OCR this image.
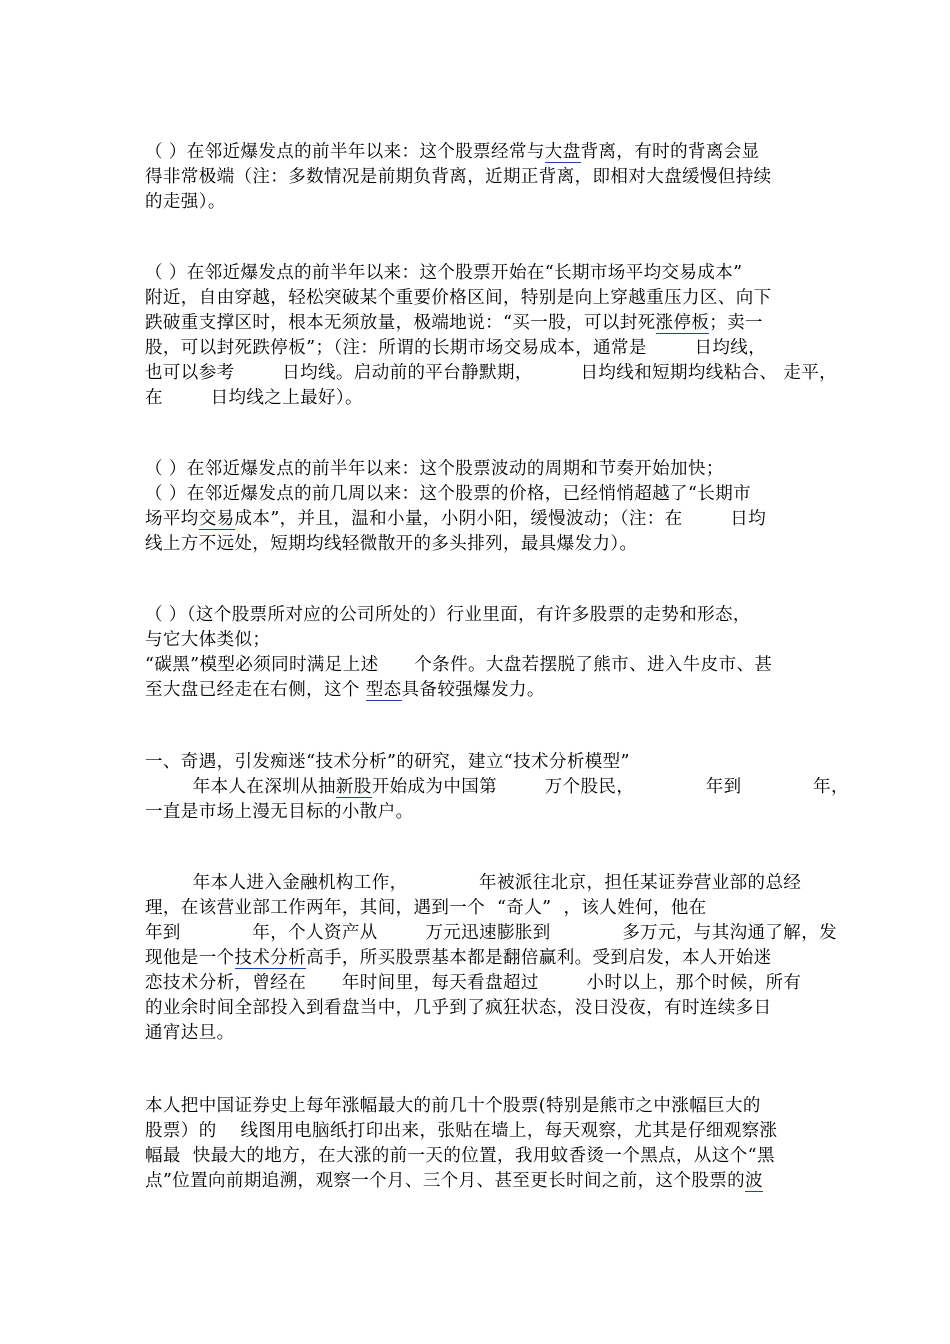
（ ）在邻近爆发点的前半年以来：这个股票经常与大盘背离，有时的背离会显
得非常极端（注：多数情况是前期负背离，近期正背离，即相对大盘缓慢但持续
的走强）。
（ ）在邻近爆发点的前半年以来：这个股票开始在“长期市场平均交易成本”
附近，自由穿越，轻松突破某个重要价格区间，特别是向上穿越重压力区、向下
跌破重支撑区时，根本无须放量，极端地说：“买一股，可以封死涨停板；卖一
股，可以封死跌停板”；（注：所谓的长期市场交易成本，通常是        日均线，
也可以参考        日均线。启动前的平台静默期，        日均线和短期均线粘合、 走平，
在        日均线之上最好）。
（ ）在邻近爆发点的前半年以来：这个股票波动的周期和节奏开始加快；
（ ）在邻近爆发点的前几周以来：这个股票的价格，已经悄悄超越了“长期市
场平均交易成本”，并且，温和小量，小阴小阳，缓慢波动；（注：在        日均
线上方不远处，短期均线轻微散开的多头排列，最具爆发力）。
（ ）（这个股票所对应的公司所处的）行业里面，有许多股票的走势和形态，
与它大体类似；
“碳黑”模型必须同时满足上述      个条件。大盘若摆脱了熊市、进入牛皮市、甚
至大盘已经走在右侧，这个 型态具备较强爆发力。
一、奇遇，引发痴迷“技术分析”的研究，建立“技术分析模型”
年本人在深圳从抽新股开始成为中国第        万个股民，            年到            年，
一直是市场上漫无目标的小散户。
年本人进入金融机构工作，            年被派往北京，担任某证券营业部的总经
理，在该营业部工作两年，其间，遇到一个  “奇人”  ，该人姓何，他在
年到            年，个人资产从        万元迅速膨胀到            多万元，与其沟通了解，发
现他是一个技术分析高手，所买股票基本都是翻倍赢利。受到启发，本人开始迷
恋技术分析，曾经在      年时间里，每天看盘超过        小时以上，那个时候，所有
的业余时间全部投入到看盘当中，几乎到了疯狂状态，没日没夜，有时连续多日
通宵达旦。
本人把中国证券史上每年涨幅最大的前几十个股票(特别是熊市之中涨幅巨大的
股票）的    线图用电脑纸打印出来，张贴在墙上，每天观察，尤其是仔细观察涨
幅最  快最大的地方，在大涨的前一天的位置，我用蚊香烫一个黑点，从这个“黑
点”位置向前期追溯，观察一个月、三个月、甚至更长时间之前，这个股票的波
